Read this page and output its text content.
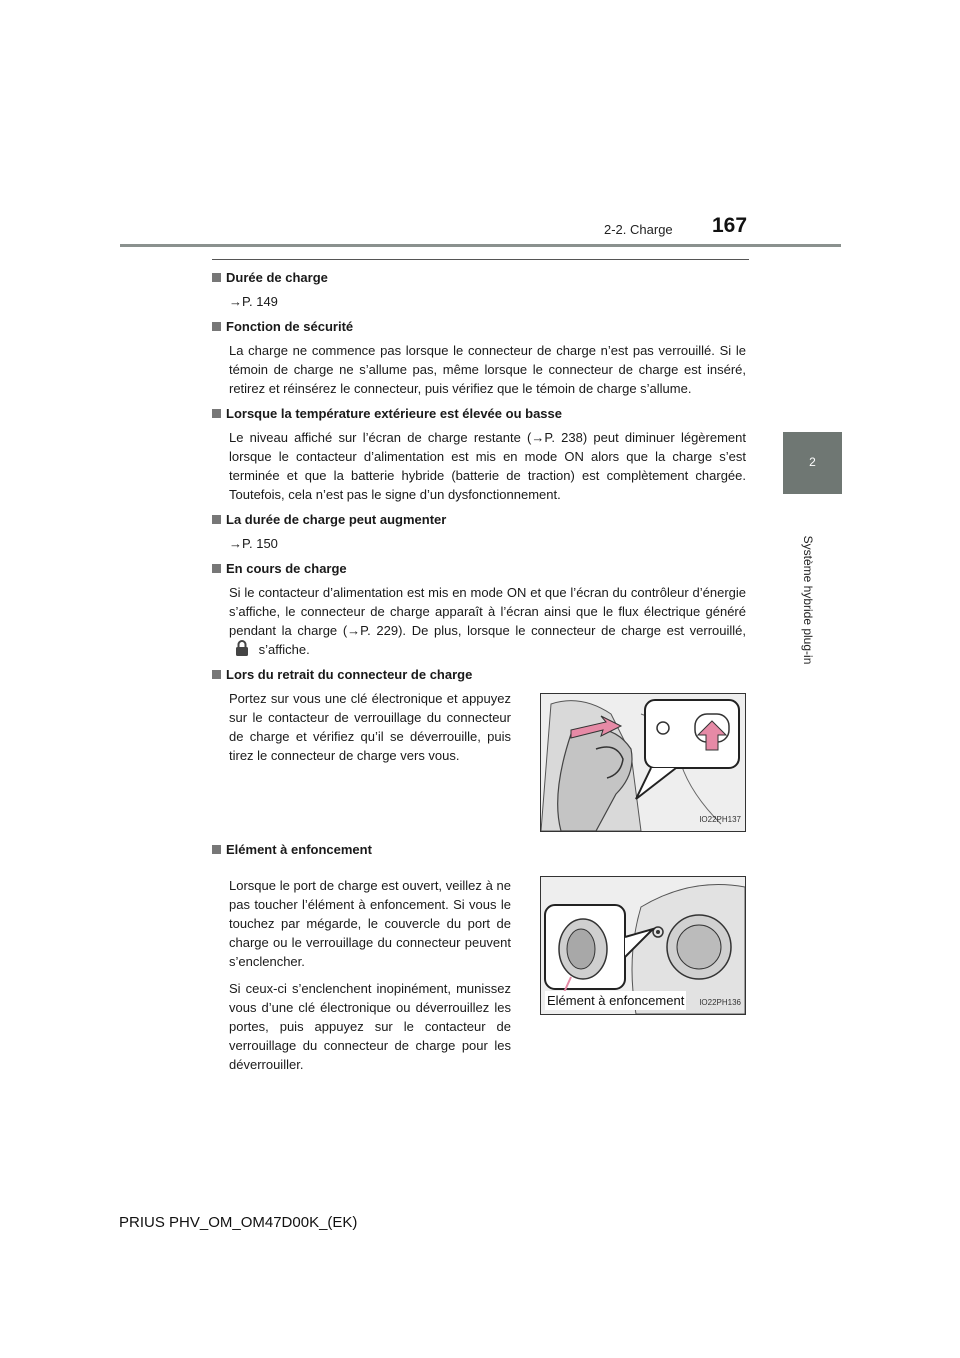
2-2. Charge 167
2
Système hybride plug-in
Durée de charge
→P. 149
Fonction de sécurité
La charge ne commence pas lorsque le connecteur de charge n’est pas verrouillé. Si le témoin de charge ne s’allume pas, même lorsque le connecteur de charge est inséré, retirez et réinsérez le connecteur, puis vérifiez que le témoin de charge s’allume.
Lorsque la température extérieure est élevée ou basse
Le niveau affiché sur l’écran de charge restante (→P. 238) peut diminuer légèrement lorsque le contacteur d’alimentation est mis en mode ON alors que la charge s’est terminée et que la batterie hybride (batterie de traction) est complètement chargée. Toutefois, cela n’est pas le signe d’un dysfonctionnement.
La durée de charge peut augmenter
→P. 150
En cours de charge
Si le contacteur d’alimentation est mis en mode ON et que l’écran du contrôleur d’énergie s’affiche, le connecteur de charge apparaît à l’écran ainsi que le flux électrique généré pendant la charge (→P. 229). De plus, lorsque le connecteur de charge est verrouillé,  s’affiche.
Lors du retrait du connecteur de charge

Portez sur vous une clé électronique et appuyez sur le contacteur de verrouillage du connecteur de charge et vérifiez qu’il se déverrouille, puis tirez le connecteur de charge vers vous.

IO22PH137
Elément à enfoncement

Lorsque le port de charge est ouvert, veillez à ne pas toucher l’élément à enfoncement. Si vous le touchez par mégarde, le couvercle du port de charge ou le verrouillage du connecteur peuvent s’enclencher.

Si ceux-ci s’enclenchent inopinément, munissez vous d’une clé électronique ou déverrouillez les portes, puis appuyez sur le contacteur de verrouillage du connecteur de charge pour les déverrouiller.

Elément à enfoncement IO22PH136
PRIUS PHV_OM_OM47D00K_(EK)
